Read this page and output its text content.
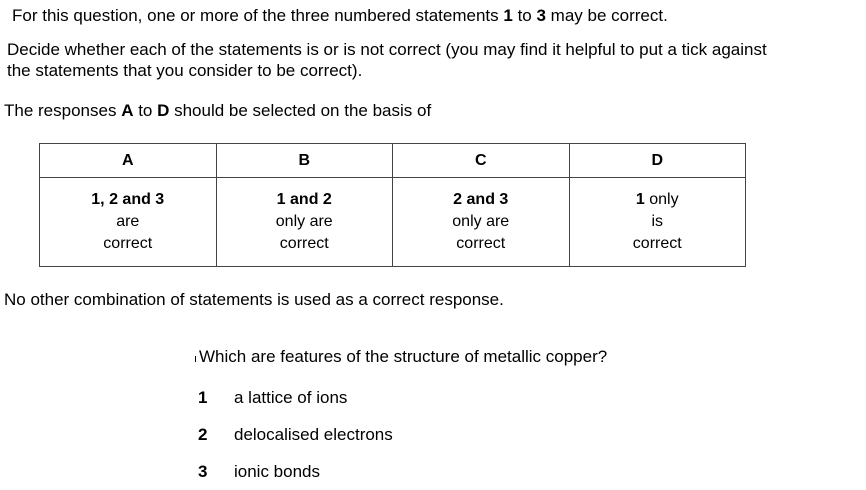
For this question, one or more of the three numbered statements 1 to 3 may be correct.
Decide whether each of the statements is or is not correct (you may find it helpful to put a tick against
the statements that you consider to be correct).
The responses A to D should be selected on the basis of
A	B	C	D

1, 2 and 3
are
correct	1 and 2
only are
correct	2 and 3
only are
correct	1 only
is
correct
No other combination of statements is used as a correct response.
Which are features of the structure of metallic copper?
1 a lattice of ions
2 delocalised electrons
3 ionic bonds
